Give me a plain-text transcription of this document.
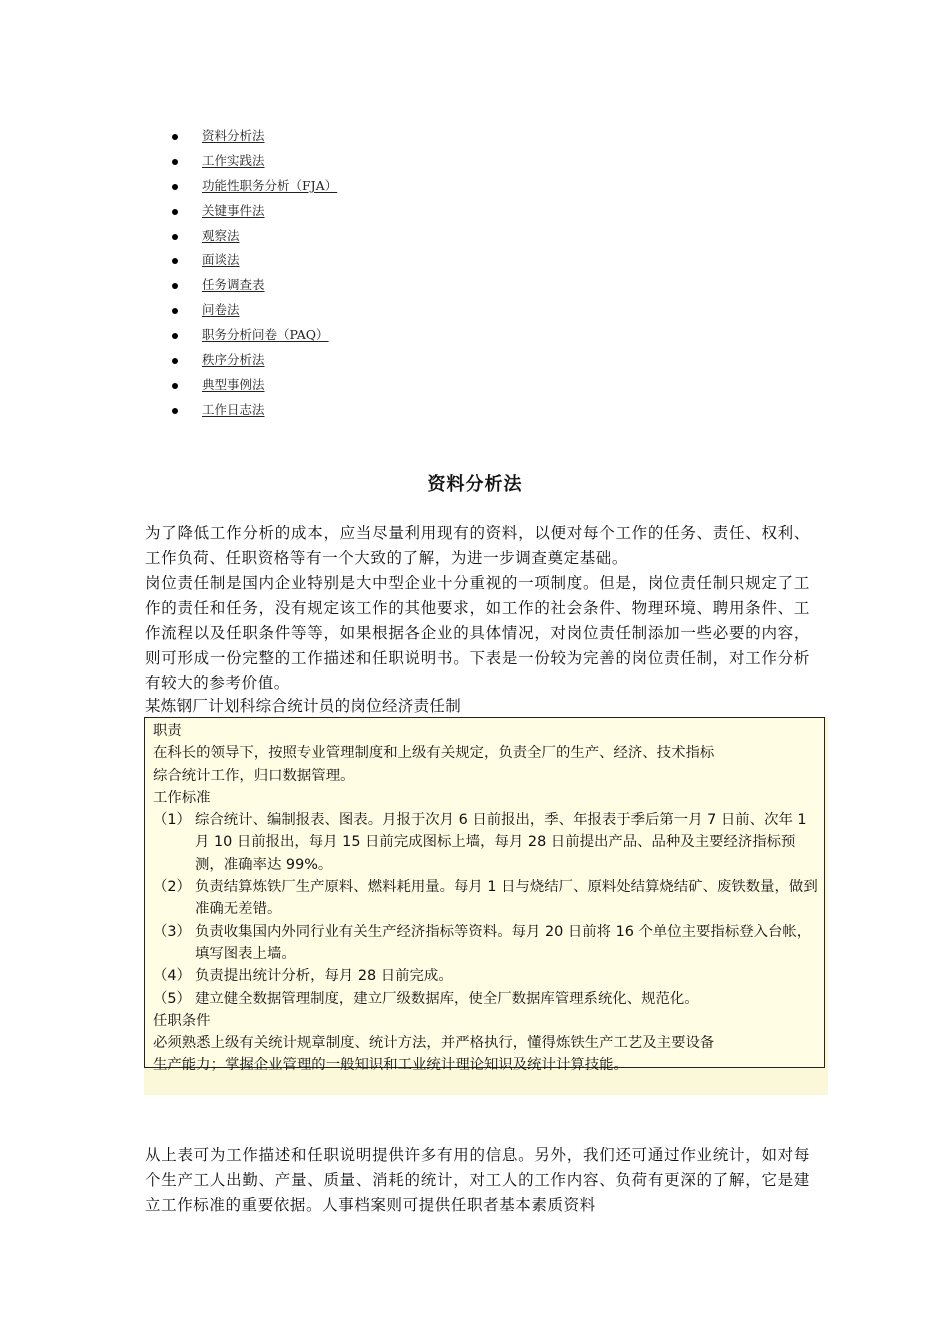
资料分析法
工作实践法
功能性职务分析（FJA）
关键事件法
观察法
面谈法
任务调查表
问卷法
职务分析问卷（PAQ）
秩序分析法
典型事例法
工作日志法
资料分析法

为了降低工作分析的成本，应当尽量利用现有的资料，以便对每个工作的任务、责任、权利、工作负荷、任职资格等有一个大致的了解，为进一步调查奠定基础。

岗位责任制是国内企业特别是大中型企业十分重视的一项制度。但是，岗位责任制只规定了工作的责任和任务，没有规定该工作的其他要求，如工作的社会条件、物理环境、聘用条件、工作流程以及任职条件等等，如果根据各企业的具体情况，对岗位责任制添加一些必要的内容，则可形成一份完整的工作描述和任职说明书。下表是一份较为完善的岗位责任制，对工作分析有较大的参考价值。

某炼钢厂计划科综合统计员的岗位经济责任制

职责
在科长的领导下，按照专业管理制度和上级有关规定，负责全厂的生产、经济、技术指标
综合统计工作，归口数据管理。
工作标准
（1） 综合统计、编制报表、图表。月报于次月 6 日前报出，季、年报表于季后第一月 7 日前、次年 1 月 10 日前报出，每月 15 日前完成图标上墙，每月 28 日前提出产品、品种及主要经济指标预测，准确率达 99%。
（2） 负责结算炼铁厂生产原料、燃料耗用量。每月 1 日与烧结厂、原料处结算烧结矿、废铁数量，做到准确无差错。
（3） 负责收集国内外同行业有关生产经济指标等资料。每月 20 日前将 16 个单位主要指标登入台帐，填写图表上墙。
（4） 负责提出统计分析，每月 28 日前完成。
（5） 建立健全数据管理制度，建立厂级数据库，使全厂数据库管理系统化、规范化。
任职条件
必须熟悉上级有关统计规章制度、统计方法，并严格执行，懂得炼铁生产工艺及主要设备
生产能力；掌握企业管理的一般知识和工业统计理论知识及统计计算技能。

从上表可为工作描述和任职说明提供许多有用的信息。另外，我们还可通过作业统计，如对每个生产工人出勤、产量、质量、消耗的统计，对工人的工作内容、负荷有更深的了解，它是建立工作标准的重要依据。人事档案则可提供任职者基本素质资料
